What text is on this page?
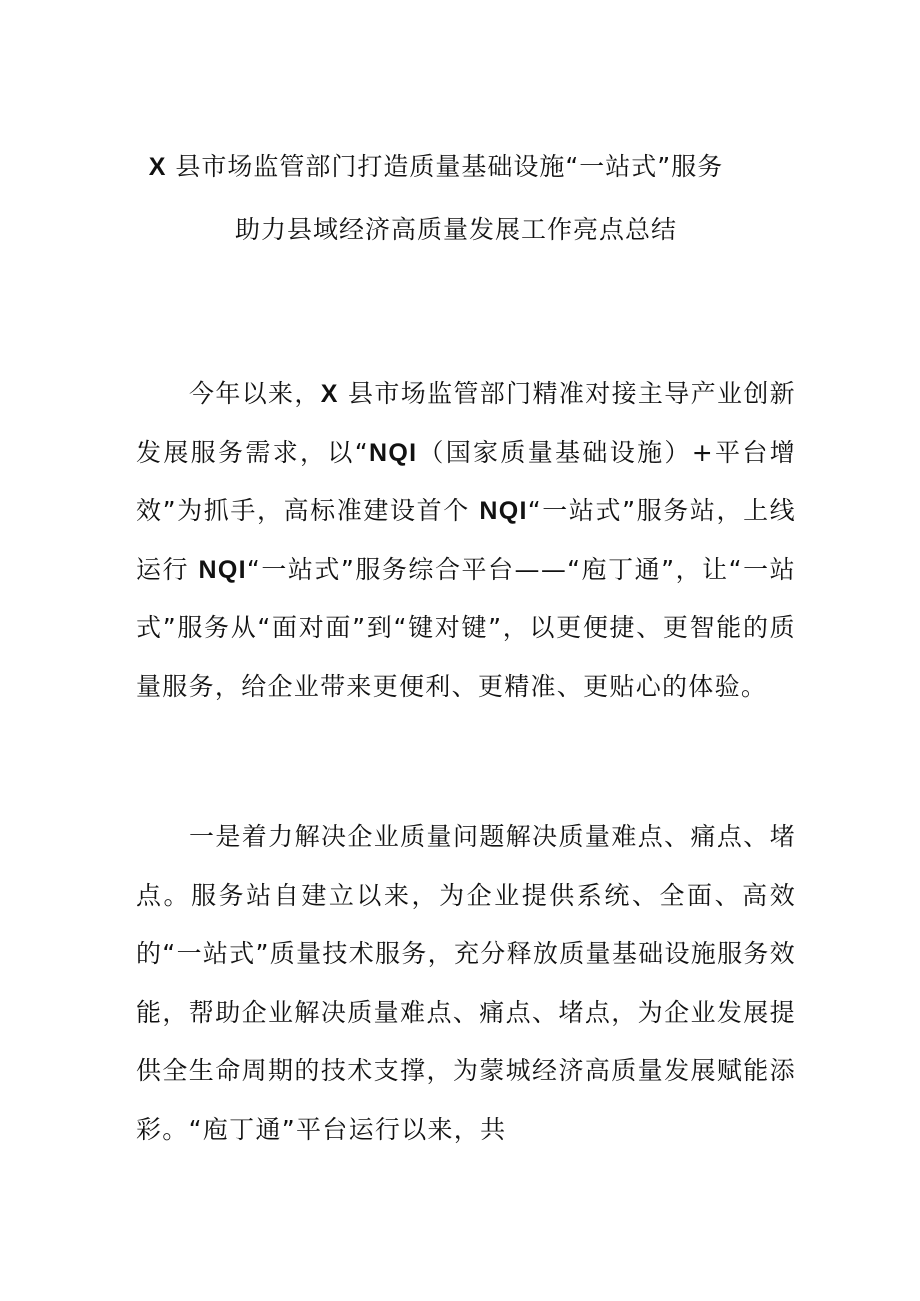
X 县市场监管部门打造质量基础设施“一站式”服务
助力县域经济高质量发展工作亮点总结

今年以来，X 县市场监管部门精准对接主导产业创新发展服务需求，以“NQI（国家质量基础设施）+平台增效”为抓手，高标准建设首个 NQI“一站式”服务站，上线运行 NQI“一站式”服务综合平台——“庖丁通”，让“一站式”服务从“面对面”到“键对键”，以更便捷、更智能的质量服务，给企业带来更便利、更精准、更贴心的体验。

一是着力解决企业质量问题解决质量难点、痛点、堵点。服务站自建立以来，为企业提供系统、全面、高效的“一站式”质量技术服务，充分释放质量基础设施服务效能，帮助企业解决质量难点、痛点、堵点，为企业发展提供全生命周期的技术支撑，为蒙城经济高质量发展赋能添彩。“庖丁通”平台运行以来，共
